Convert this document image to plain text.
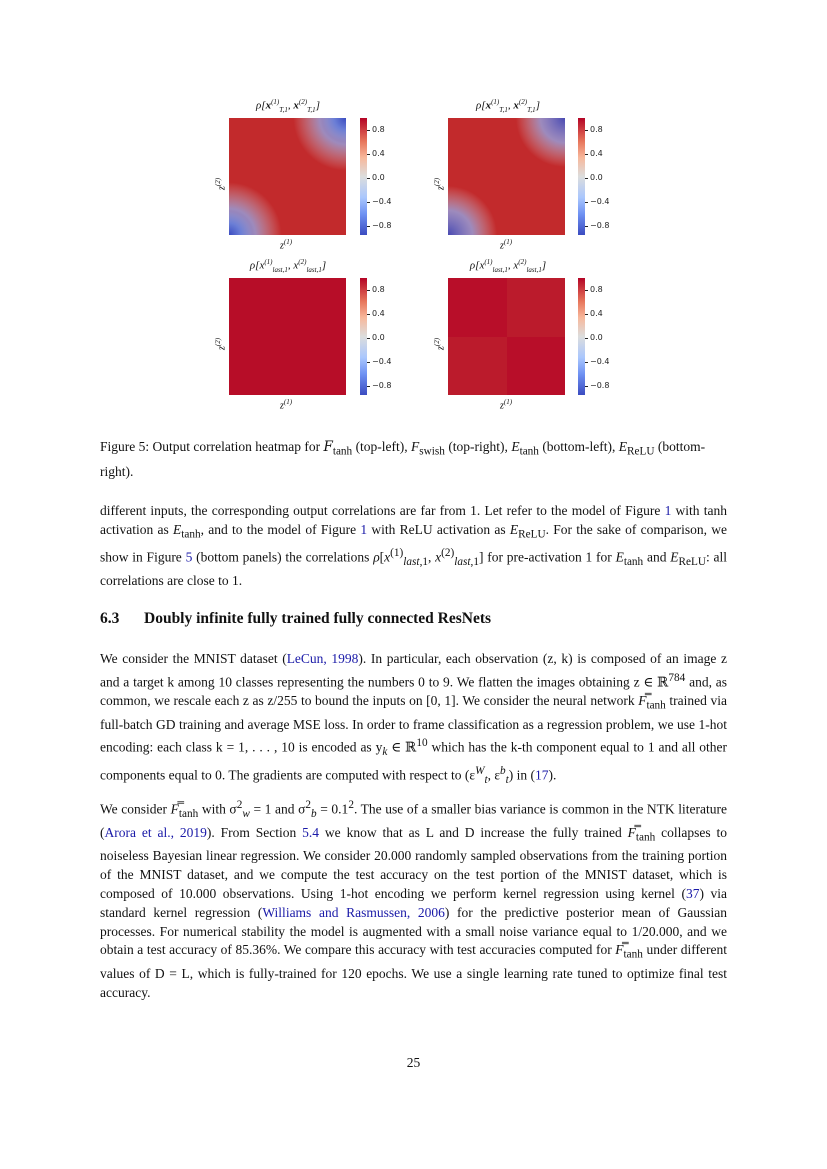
$\rho[x^{(1)}_{T,1}$, $x^{(2)}_{T,1}$]
0.8
0.4
0.0
−0.4
−0.8
$z^{(2)}$
$z^{(1)}$
$\rho[x^{(1)}_{T,1}$, $x^{(2)}_{T,1}$]
0.8
0.4
0.0
−0.4
−0.8
$z^{(2)}$
$z^{(1)}$
$\rho[x^{(1)}_{last,1}$, $x^{(2)}_{last,1}$]
0.8
0.4
0.0
−0.4
−0.8
$z^{(2)}$
$z^{(1)}$
$\rho[x^{(1)}_{last,1}$, $x^{(2)}_{last,1}$]
0.8
0.4
0.0
−0.4
−0.8
$z^{(2)}$
$z^{(1)}$
Figure 5: Output correlation heatmap for $F_{tanh}$ (top-left), $F_{swish}$ (top-right), $E_{tanh}$ (bottom-left), $E_{ReLU}$ (bottom-right).
different inputs, the corresponding output correlations are far from 1. Let refer to the model of Figure 1 with tanh activation as $E_{tanh}$, and to the model of Figure 1 with ReLU activation as $E_{ReLU}$. For the sake of comparison, we show in Figure 5 (bottom panels) the correlations $\rho[x^{(1)}_{last,1}$, $x^{(2)}_{last,1}$] for pre-activation 1 for $E_{tanh}$ and $E_{ReLU}$: all correlations are close to 1.
6.3 Doubly infinite fully trained fully connected ResNets
We consider the MNIST dataset (LeCun, 1998). In particular, each observation (z, k) is composed of an image z and a target k among 10 classes representing the numbers 0 to 9. We flatten the images obtaining z ∈ ℝ$^{784}$ and, as common, we rescale each z as z/255 to bound the inputs on [0, 1]. We consider the neural network $F̿_{tanh}$ trained via full-batch GD training and average MSE loss. In order to frame classification as a regression problem, we use 1-hot encoding: each class k = 1, . . . , 10 is encoded as $y_k$ ∈ ℝ$^{10}$ which has the k-th component equal to 1 and all other components equal to 0. The gradients are computed with respect to ($\varepsilon^W_t$, $\varepsilon^b_t$) in (17).
We consider $F̿_{tanh}$ with $\sigma^2_w = 1$ and $\sigma^2_b = 0.1^2$. The use of a smaller bias variance is common in the NTK literature (Arora et al., 2019). From Section 5.4 we know that as L and D increase the fully trained $F̿_{tanh}$ collapses to noiseless Bayesian linear regression. We consider 20.000 randomly sampled observations from the training portion of the MNIST dataset, and we compute the test accuracy on the test portion of the MNIST dataset, which is composed of 10.000 observations. Using 1-hot encoding we perform kernel regression using kernel (37) via standard kernel regression (Williams and Rasmussen, 2006) for the predictive posterior mean of Gaussian processes. For numerical stability the model is augmented with a small noise variance equal to 1/20.000, and we obtain a test accuracy of 85.36%. We compare this accuracy with test accuracies computed for $F̿_{tanh}$ under different values of D = L, which is fully-trained for 120 epochs. We use a single learning rate tuned to optimize final test accuracy.
25
